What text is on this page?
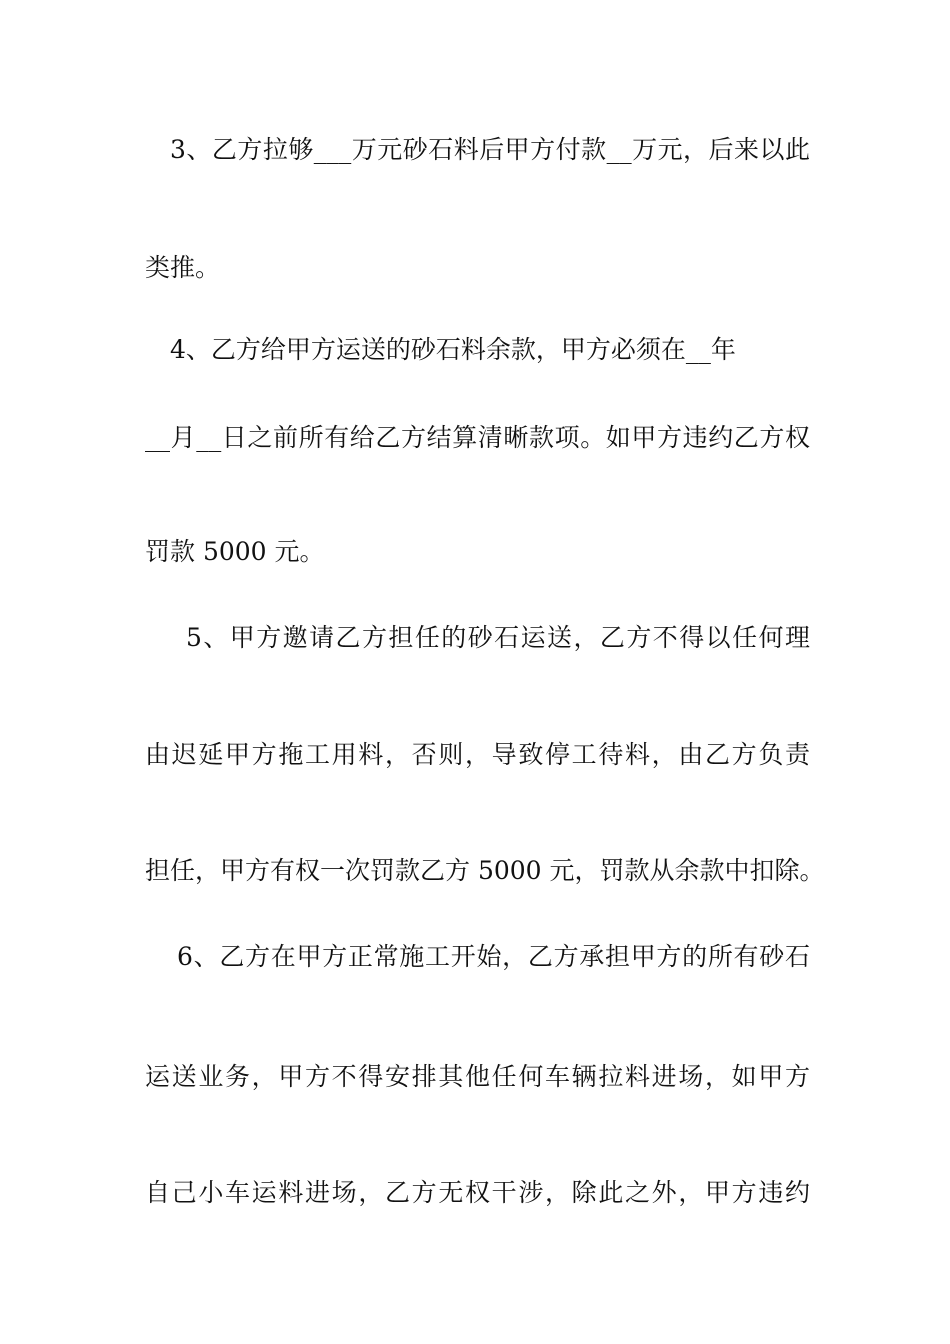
3、乙方拉够___万元砂石料后甲方付款__万元，后来以此
类推。
4、乙方给甲方运送的砂石料余款，甲方必须在__年
__月__日之前所有给乙方结算清晰款项。如甲方违约乙方权
罚款 5000 元。
5、甲方邀请乙方担任的砂石运送，乙方不得以任何理
由迟延甲方拖工用料，否则，导致停工待料，由乙方负责
担任，甲方有权一次罚款乙方 5000 元，罚款从余款中扣除。
6、乙方在甲方正常施工开始，乙方承担甲方的所有砂石
运送业务，甲方不得安排其他任何车辆拉料进场，如甲方
自己小车运料进场，乙方无权干涉，除此之外，甲方违约
